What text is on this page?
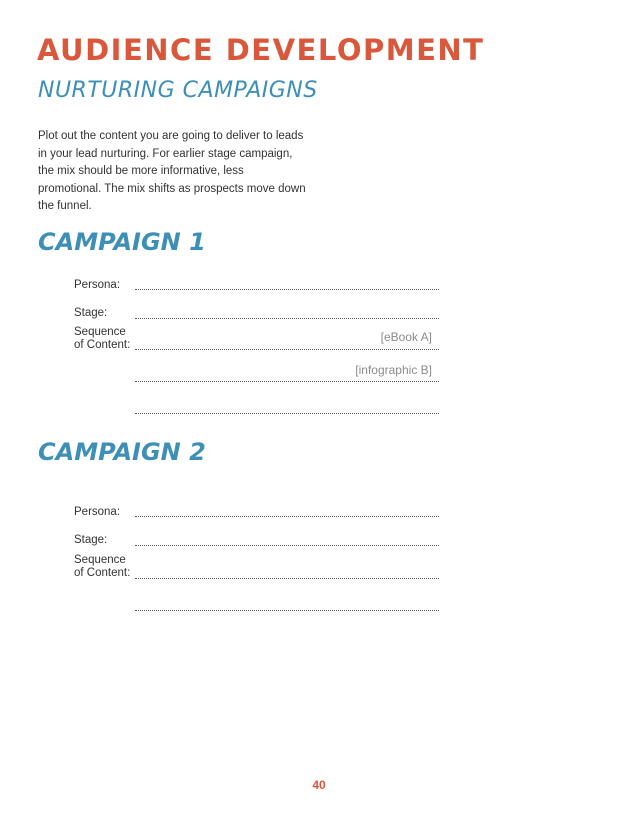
AUDIENCE DEVELOPMENT
NURTURING CAMPAIGNS
Plot out the content you are going to deliver to leads in your lead nurturing. For earlier stage campaign, the mix should be more informative, less promotional. The mix shifts as prospects move down the funnel.
CAMPAIGN 1
Persona:
Stage:
Sequence
of Content:
[eBook A]
[infographic B]
CAMPAIGN 2
Persona:
Stage:
Sequence
of Content:
40
